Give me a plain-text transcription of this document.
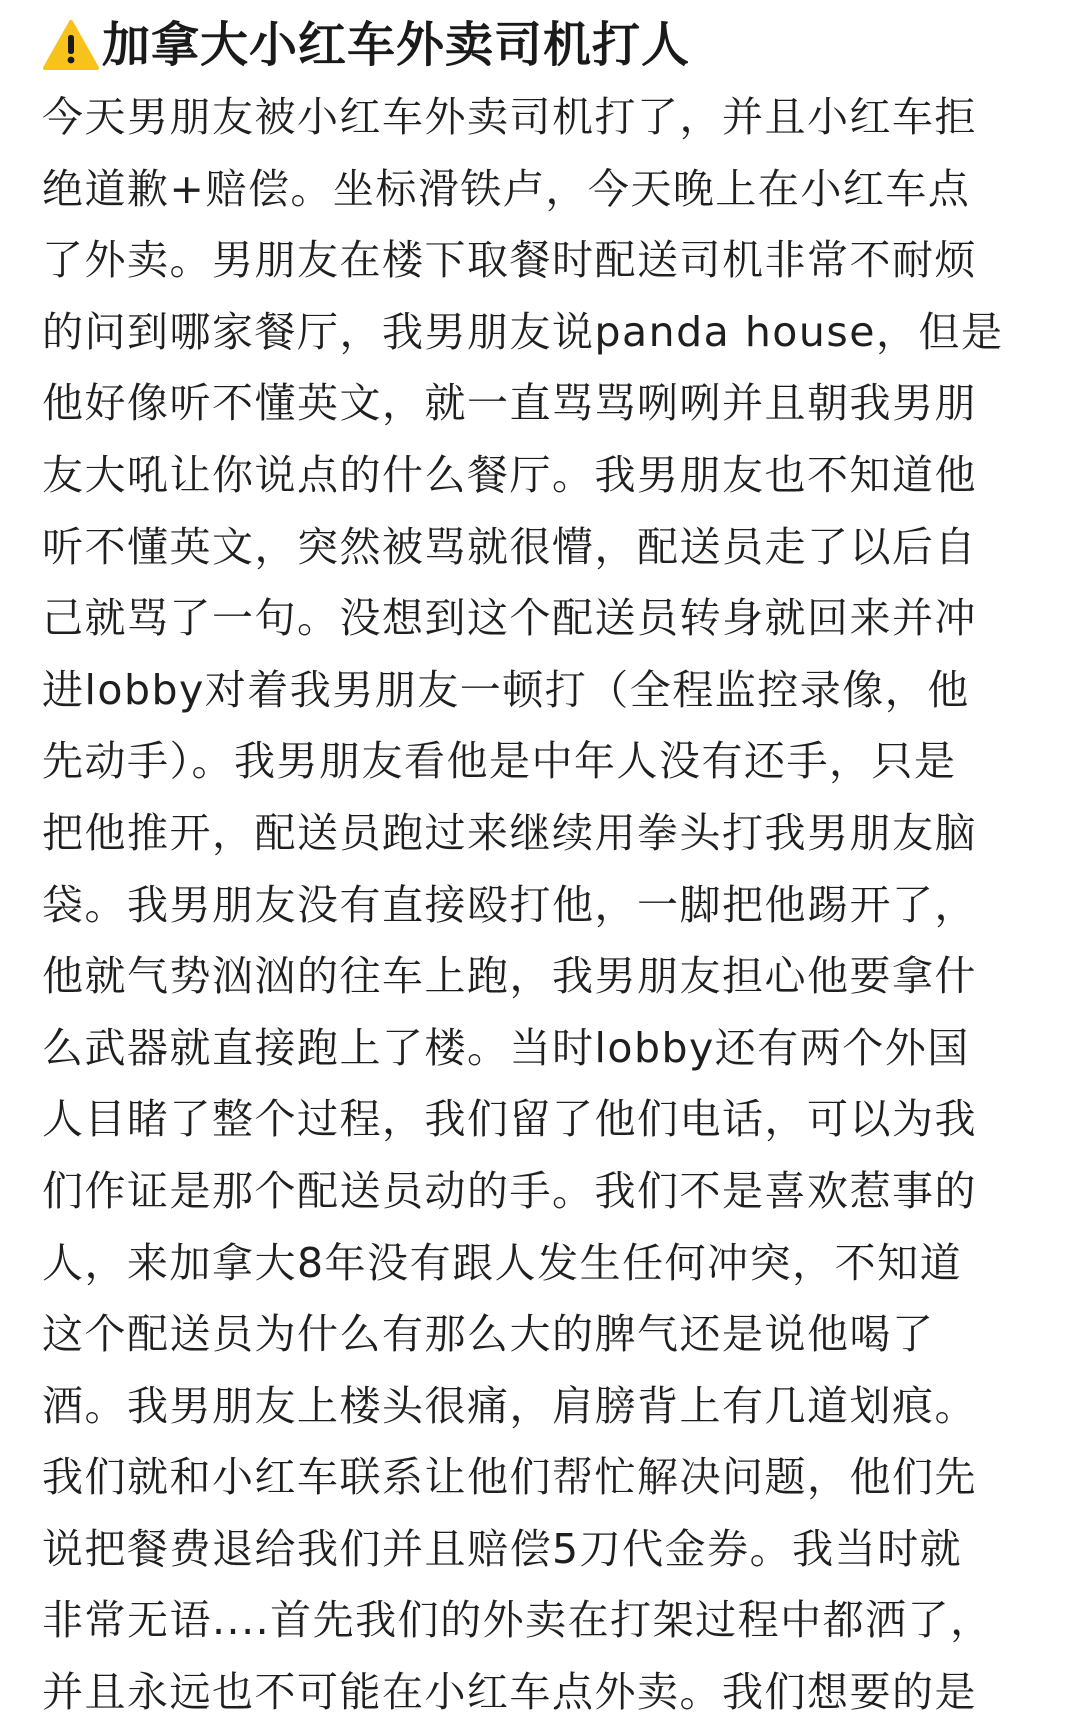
加拿大小红车外卖司机打人
今天男朋友被小红车外卖司机打了，并且小红车拒
绝道歉+赔偿。坐标滑铁卢，今天晚上在小红车点
了外卖。男朋友在楼下取餐时配送司机非常不耐烦
的问到哪家餐厅，我男朋友说panda house，但是
他好像听不懂英文，就一直骂骂咧咧并且朝我男朋
友大吼让你说点的什么餐厅。我男朋友也不知道他
听不懂英文，突然被骂就很懵，配送员走了以后自
己就骂了一句。没想到这个配送员转身就回来并冲
进lobby对着我男朋友一顿打（全程监控录像，他
先动手）。我男朋友看他是中年人没有还手，只是
把他推开，配送员跑过来继续用拳头打我男朋友脑
袋。我男朋友没有直接殴打他，一脚把他踢开了，
他就气势汹汹的往车上跑，我男朋友担心他要拿什
么武器就直接跑上了楼。当时lobby还有两个外国
人目睹了整个过程，我们留了他们电话，可以为我
们作证是那个配送员动的手。我们不是喜欢惹事的
人，来加拿大8年没有跟人发生任何冲突，不知道
这个配送员为什么有那么大的脾气还是说他喝了
酒。我男朋友上楼头很痛，肩膀背上有几道划痕。
我们就和小红车联系让他们帮忙解决问题，他们先
说把餐费退给我们并且赔偿5刀代金券。我当时就
非常无语....首先我们的外卖在打架过程中都洒了，
并且永远也不可能在小红车点外卖。我们想要的是
